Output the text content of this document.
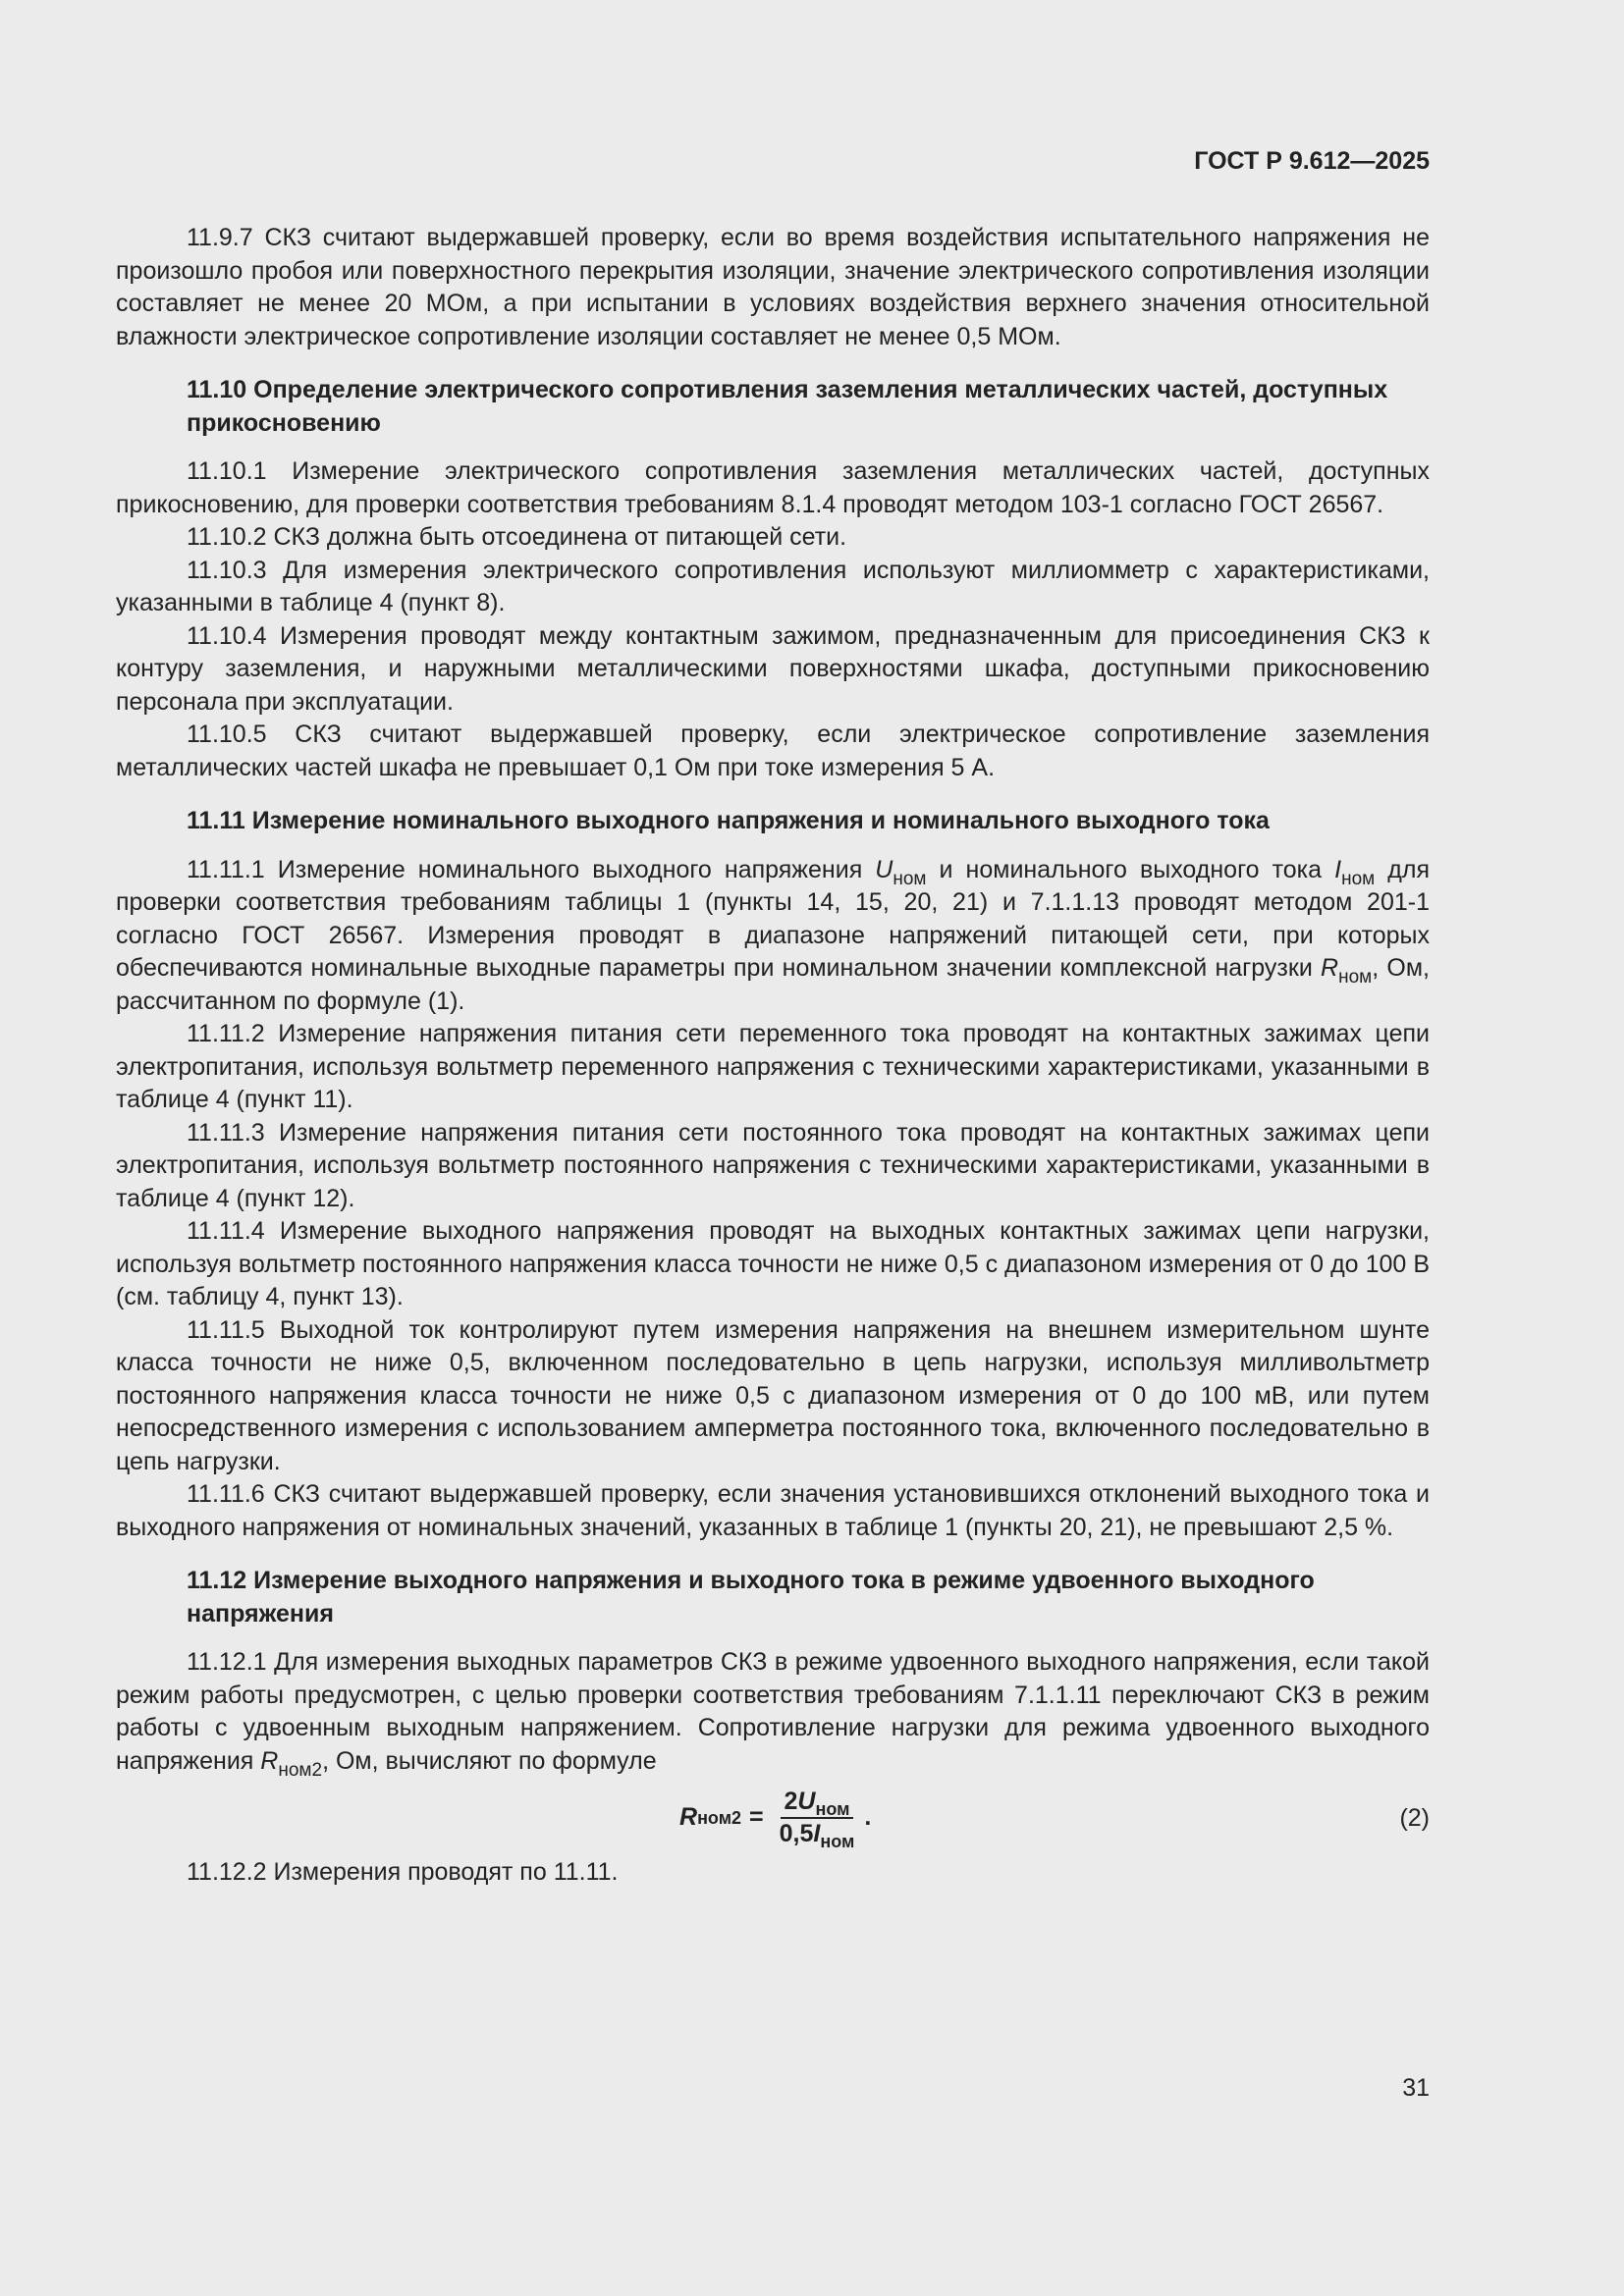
ГОСТ Р 9.612—2025

11.9.7 СКЗ считают выдержавшей проверку, если во время воздействия испытательного напряжения не произошло пробоя или поверхностного перекрытия изоляции, значение электрического сопротивления изоляции составляет не менее 20 МОм, а при испытании в условиях воздействия верхнего значения относительной влажности электрическое сопротивление изоляции составляет не менее 0,5 МОм.

11.10 Определение электрического сопротивления заземления металлических частей, доступных прикосновению

11.10.1 Измерение электрического сопротивления заземления металлических частей, доступных прикосновению, для проверки соответствия требованиям 8.1.4 проводят методом 103-1 согласно ГОСТ 26567.

11.10.2 СКЗ должна быть отсоединена от питающей сети.

11.10.3 Для измерения электрического сопротивления используют миллиомметр с характеристиками, указанными в таблице 4 (пункт 8).

11.10.4 Измерения проводят между контактным зажимом, предназначенным для присоединения СКЗ к контуру заземления, и наружными металлическими поверхностями шкафа, доступными прикосновению персонала при эксплуатации.

11.10.5 СКЗ считают выдержавшей проверку, если электрическое сопротивление заземления металлических частей шкафа не превышает 0,1 Ом при токе измерения 5 А.

11.11 Измерение номинального выходного напряжения и номинального выходного тока

11.11.1 Измерение номинального выходного напряжения $U_{ном}$ и номинального выходного тока $I_{ном}$ для проверки соответствия требованиям таблицы 1 (пункты 14, 15, 20, 21) и 7.1.1.13 проводят методом 201-1 согласно ГОСТ 26567. Измерения проводят в диапазоне напряжений питающей сети, при которых обеспечиваются номинальные выходные параметры при номинальном значении комплексной нагрузки $R_{ном}$, Ом, рассчитанном по формуле (1).

11.11.2 Измерение напряжения питания сети переменного тока проводят на контактных зажимах цепи электропитания, используя вольтметр переменного напряжения с техническими характеристиками, указанными в таблице 4 (пункт 11).

11.11.3 Измерение напряжения питания сети постоянного тока проводят на контактных зажимах цепи электропитания, используя вольтметр постоянного напряжения с техническими характеристиками, указанными в таблице 4 (пункт 12).

11.11.4 Измерение выходного напряжения проводят на выходных контактных зажимах цепи нагрузки, используя вольтметр постоянного напряжения класса точности не ниже 0,5 с диапазоном измерения от 0 до 100 В (см. таблицу 4, пункт 13).

11.11.5 Выходной ток контролируют путем измерения напряжения на внешнем измерительном шунте класса точности не ниже 0,5, включенном последовательно в цепь нагрузки, используя милливольтметр постоянного напряжения класса точности не ниже 0,5 с диапазоном измерения от 0 до 100 мВ, или путем непосредственного измерения с использованием амперметра постоянного тока, включенного последовательно в цепь нагрузки.

11.11.6 СКЗ считают выдержавшей проверку, если значения установившихся отклонений выходного тока и выходного напряжения от номинальных значений, указанных в таблице 1 (пункты 20, 21), не превышают 2,5 %.

11.12 Измерение выходного напряжения и выходного тока в режиме удвоенного выходного напряжения

11.12.1 Для измерения выходных параметров СКЗ в режиме удвоенного выходного напряжения, если такой режим работы предусмотрен, с целью проверки соответствия требованиям 7.1.1.11 переключают СКЗ в режим работы с удвоенным выходным напряжением. Сопротивление нагрузки для режима удвоенного выходного напряжения $R_{ном2}$, Ом, вычисляют по формуле

R $ном2 = \frac{2U_{ном}}{0,5I_{ном}}$ .	(2)

11.12.2 Измерения проводят по 11.11.

31
